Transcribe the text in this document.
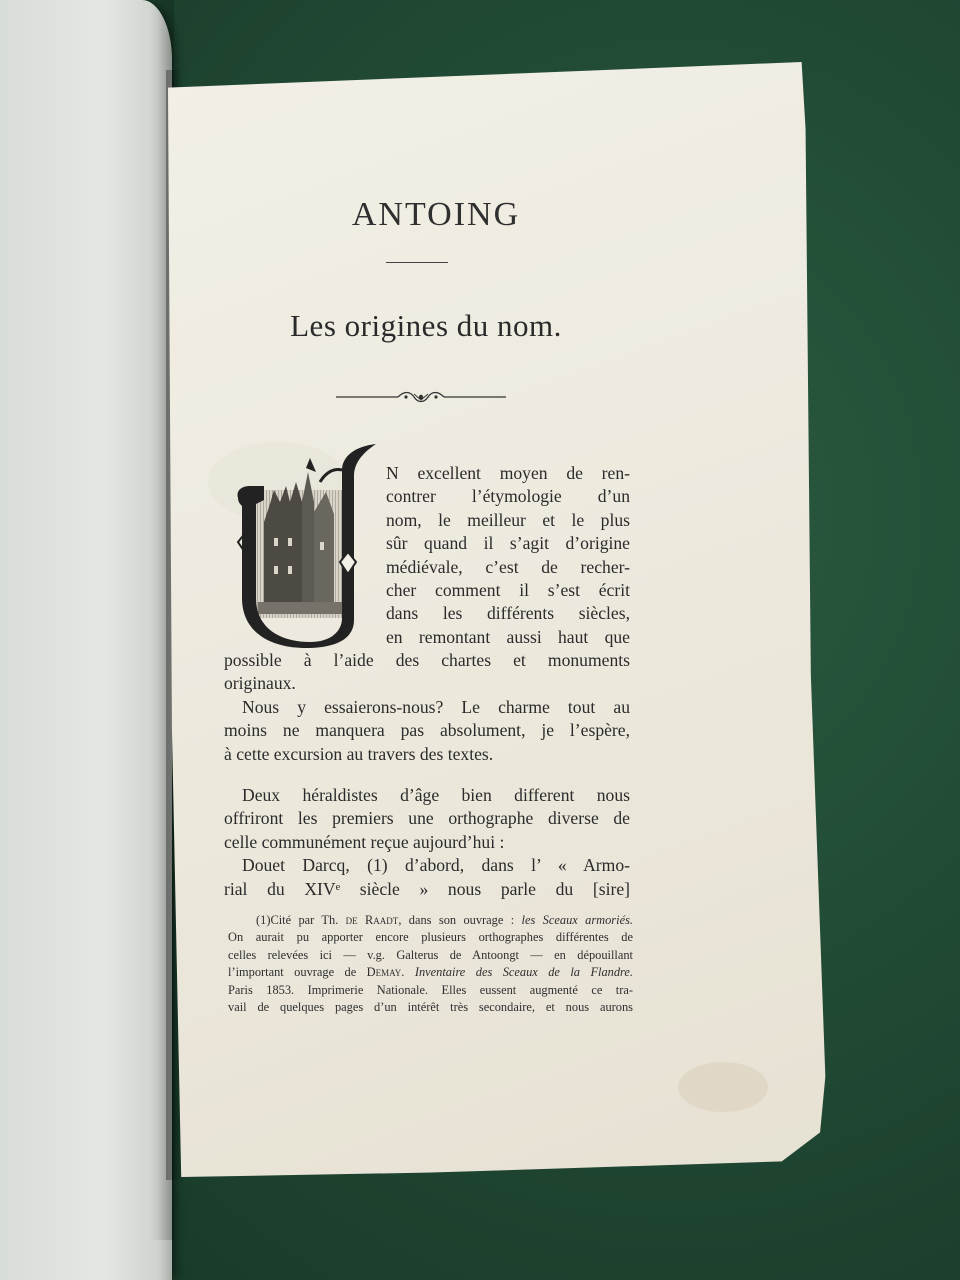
ANTOING
Les origines du nom.
N excellent moyen de ren-
contrer l’étymologie d’un
nom, le meilleur et le plus
sûr quand il s’agit d’origine
médiévale, c’est de recher-
cher comment il s’est écrit
dans les différents siècles,
en remontant aussi haut que
possible à l’aide des chartes et monuments
originaux.
Nous y essaierons-nous? Le charme tout au
moins ne manquera pas absolument, je l’espère,
à cette excursion au travers des textes.
Deux héraldistes d’âge bien different nous
offriront les premiers une orthographe diverse de
celle communément reçue aujourd’hui :
Douet Darcq, (1) d’abord, dans l’ « Armo-
rial du XIVᵉ siècle » nous parle du [sire]
(1)Cité par Th. de Raadt, dans son ouvrage : les Sceaux armoriés.
On aurait pu apporter encore plusieurs orthographes différentes de
celles relevées ici — v.g. Galterus de Antoongt — en dépouillant
l’important ouvrage de Demay. Inventaire des Sceaux de la Flandre.
Paris 1853. Imprimerie Nationale. Elles eussent augmenté ce tra-
vail de quelques pages d’un intérêt très secondaire, et nous aurons
